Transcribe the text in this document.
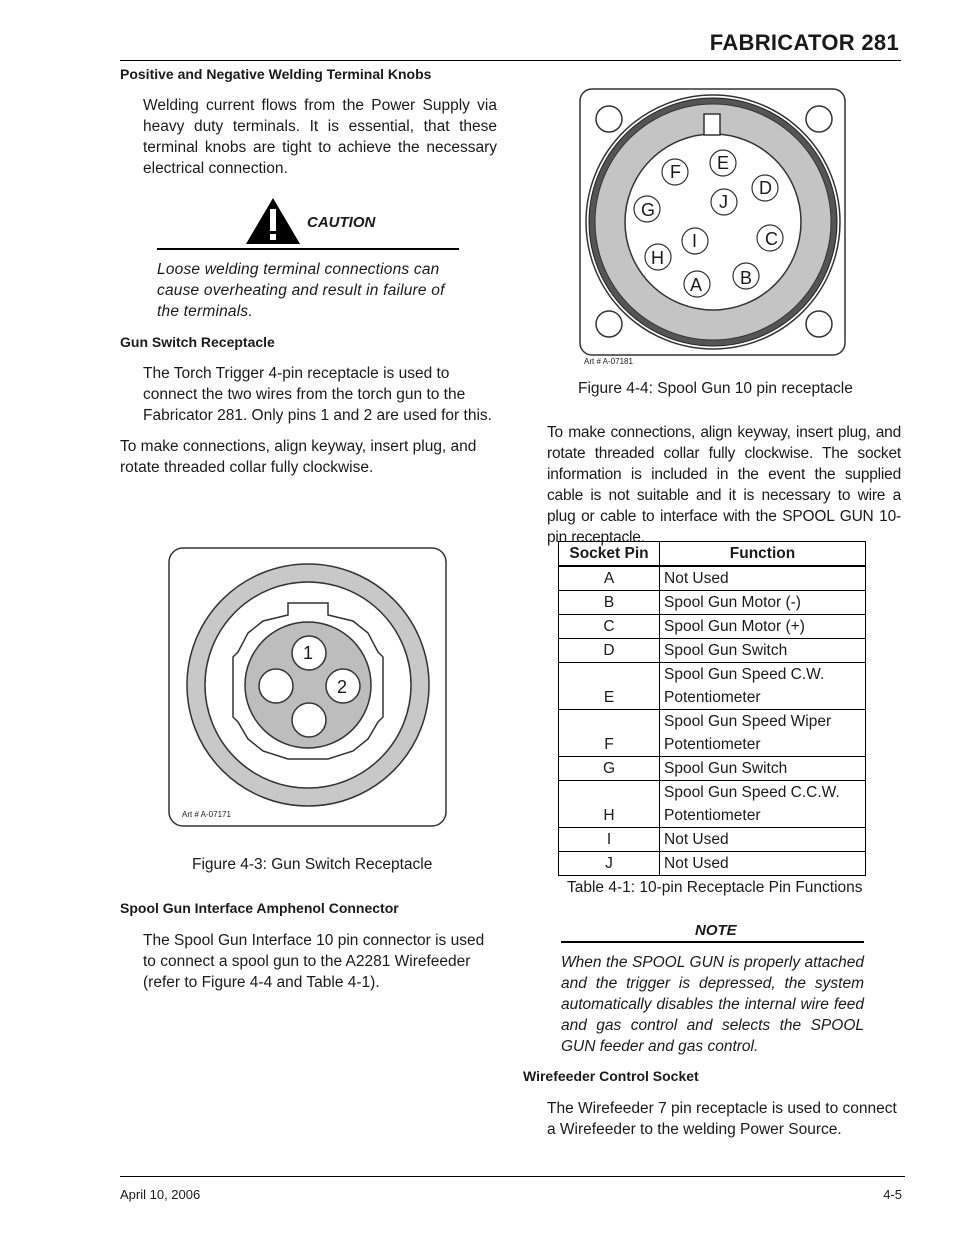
FABRICATOR 281
Positive and Negative Welding Terminal Knobs
Welding current flows from the Power Supply via heavy duty terminals. It is essential, that these terminal knobs are tight to achieve the necessary electrical connection.
CAUTION
Loose welding terminal connections can cause overheating and result in failure of the terminals.
Gun Switch Receptacle
The Torch Trigger 4-pin receptacle is used to connect the two wires from the torch gun to the Fabricator 281. Only pins 1 and 2 are used for this.
To make connections, align keyway, insert plug, and rotate threaded collar fully clockwise.
1
2
Art # A-07171
Figure 4-3: Gun Switch Receptacle
Spool Gun Interface Amphenol Connector
The Spool Gun Interface 10 pin connector is used to connect a spool gun to the A2281 Wirefeeder (refer to Figure 4-4 and Table 4-1).
F E
D
G	J
I	C
H
A B
Art # A-07181
Figure 4-4: Spool Gun 10 pin receptacle
To make connections, align keyway, insert plug, and rotate threaded collar fully clockwise. The socket information is included in the event the supplied cable is not suitable and it is necessary to wire a plug or cable to interface with the SPOOL GUN 10-pin receptacle.
Socket Pin	Function
A	Not Used
B	Spool Gun Motor (-)
C	Spool Gun Motor (+)
D	Spool Gun Switch
E	Spool Gun Speed C.W.
Potentiometer

F	Spool Gun Speed Wiper
Potentiometer

G	Spool Gun Switch
H	Spool Gun Speed C.C.W.
Potentiometer

I	Not Used
J	Not Used
Table 4-1: 10-pin Receptacle Pin Functions
NOTE
When the SPOOL GUN is properly attached and the trigger is depressed, the system automatically disables the internal wire feed and gas control and selects the SPOOL GUN feeder and gas control.
Wirefeeder Control Socket
The Wirefeeder 7 pin receptacle is used to connect a Wirefeeder to the welding Power Source.
April 10, 2006	4-5
